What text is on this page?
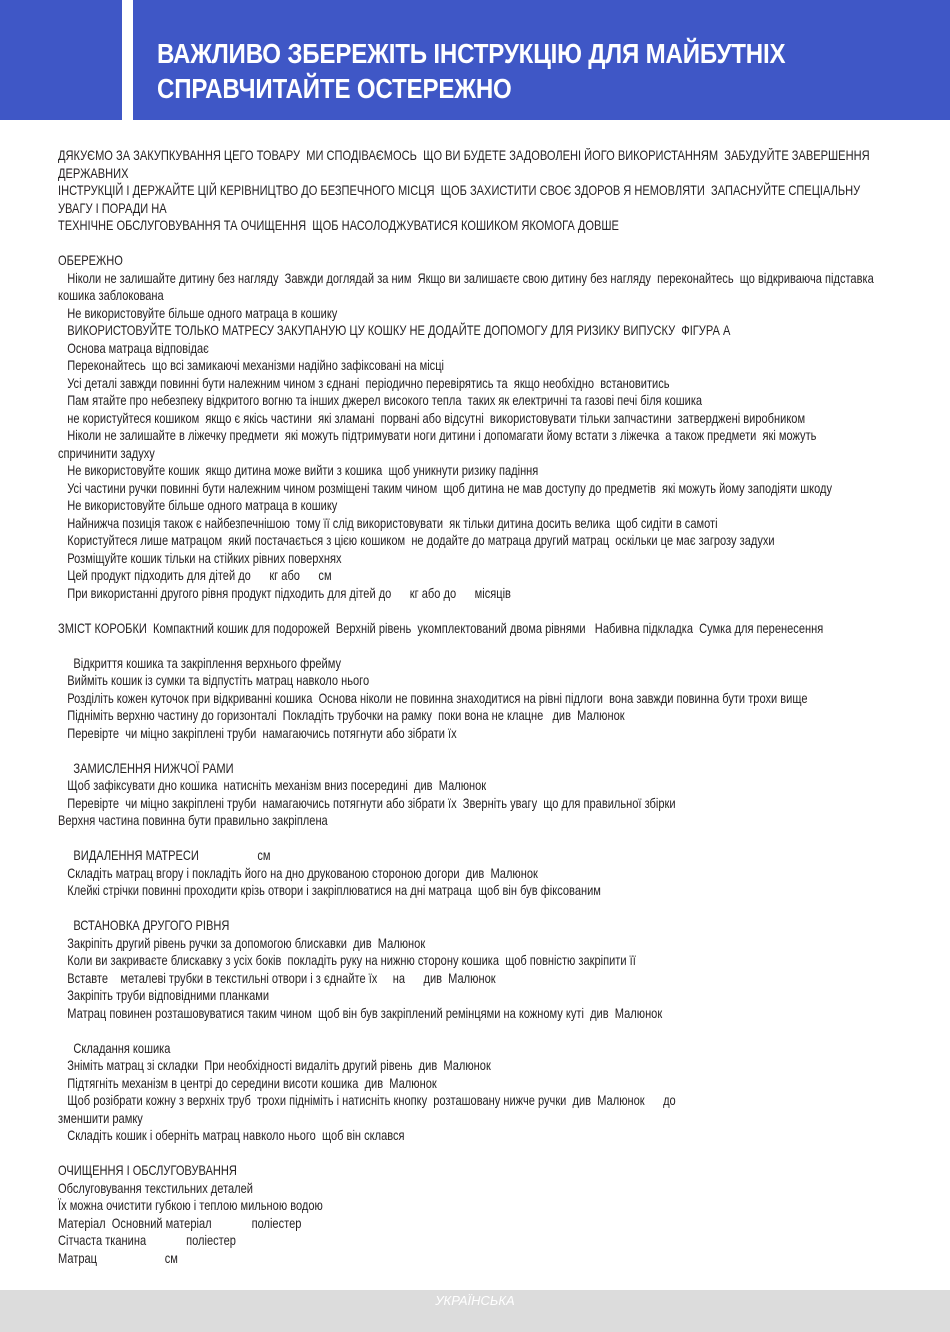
ВАЖЛИВО ЗБЕРЕЖІТЬ ІНСТРУКЦІЮ ДЛЯ МАЙБУТНІХ
СПРАВЧИТАЙТЕ ОСТЕРЕЖНО

ДЯКУЄМО ЗА ЗАКУПКУВАННЯ ЦЕГО ТОВАРУ  МИ СПОДІВАЄМОСЬ  ЩО ВИ БУДЕТЕ ЗАДОВОЛЕНІ ЙОГО ВИКОРИСТАННЯМ  ЗАБУДУЙТЕ ЗАВЕРШЕННЯ ДЕРЖАВНИХ

ІНСТРУКЦІЙ І ДЕРЖАЙТЕ ЦІЙ КЕРІВНИЦТВО ДО БЕЗПЕЧНОГО МІСЦЯ  ЩОБ ЗАХИСТИТИ СВОЄ ЗДОРОВ Я НЕМОВЛЯТИ  ЗАПАСНУЙТЕ СПЕЦІАЛЬНУ УВАГУ І ПОРАДИ НА

ТЕХНІЧНЕ ОБСЛУГОВУВАННЯ ТА ОЧИЩЕННЯ  ЩОБ НАСОЛОДЖУВАТИСЯ КОШИКОМ ЯКОМОГА ДОВШЕ

ОБЕРЕЖНО

Ніколи не залишайте дитину без нагляду  Завжди доглядай за ним  Якщо ви залишаєте свою дитину без нагляду  переконайтесь  що відкриваюча підставка

кошика заблокована

Не використовуйте більше одного матраца в кошику

ВИКОРИСТОВУЙТЕ ТОЛЬКО МАТРЕСУ ЗАКУПАНУЮ ЦУ КОШКУ НЕ ДОДАЙТЕ ДОПОМОГУ ДЛЯ РИЗИКУ ВИПУСКУ  ФІГУРА А

Основа матраца відповідає

Переконайтесь  що всі замикаючі механізми надійно зафіксовані на місці

Усі деталі завжди повинні бути належним чином з єднані  періодично перевірятись та  якщо необхідно  встановитись

Пам ятайте про небезпеку відкритого вогню та інших джерел високого тепла  таких як електричні та газові печі біля кошика

не користуйтеся кошиком  якщо є якісь частини  які зламані  порвані або відсутні  використовувати тільки запчастини  затверджені виробником

Ніколи не залишайте в ліжечку предмети  які можуть підтримувати ноги дитини і допомагати йому встати з ліжечка  а також предмети  які можуть

спричинити задуху

Не використовуйте кошик  якщо дитина може вийти з кошика  щоб уникнути ризику падіння

Усі частини ручки повинні бути належним чином розміщені таким чином  щоб дитина не мав доступу до предметів  які можуть йому заподіяти шкоду

Не використовуйте більше одного матраца в кошику

Найнижча позиція також є найбезпечнішою  тому її слід використовувати  як тільки дитина досить велика  щоб сидіти в самоті

Користуйтеся лише матрацом  який постачається з цією кошиком  не додайте до матраца другий матрац  оскільки це має загрозу задухи

Розміщуйте кошик тільки на стійких рівних поверхнях

Цей продукт підходить для дітей до      кг або      см

При використанні другого рівня продукт підходить для дітей до      кг або до      місяців

ЗМІСТ КОРОБКИ  Компактний кошик для подорожей  Верхній рівень  укомплектований двома рівнями   Набивна підкладка  Сумка для перенесення

Відкриття кошика та закріплення верхнього фрейму

Вийміть кошик із сумки та відпустіть матрац навколо нього

Розділіть кожен куточок при відкриванні кошика  Основа ніколи не повинна знаходитися на рівні підлоги  вона завжди повинна бути трохи вище

Підніміть верхню частину до горизонталі  Покладіть трубочки на рамку  поки вона не клацне   див  Малюнок

Перевірте  чи міцно закріплені труби  намагаючись потягнути або зібрати їх

ЗАМИСЛЕННЯ НИЖЧОЇ РАМИ

Щоб зафіксувати дно кошика  натисніть механізм вниз посередині  див  Малюнок

Перевірте  чи міцно закріплені труби  намагаючись потягнути або зібрати їх  Зверніть увагу  що для правильної збірки

Верхня частина повинна бути правильно закріплена

ВИДАЛЕННЯ МАТРЕСИ                   см

Складіть матрац вгору і покладіть його на дно друкованою стороною догори  див  Малюнок

Клейкі стрічки повинні проходити крізь отвори і закріплюватися на дні матраца  щоб він був фіксованим

ВСТАНОВКА ДРУГОГО РІВНЯ

Закріпіть другий рівень ручки за допомогою блискавки  див  Малюнок

Коли ви закриваєте блискавку з усіх боків  покладіть руку на нижню сторону кошика  щоб повністю закріпити її

Вставте    металеві трубки в текстильні отвори і з єднайте їх     на      див  Малюнок

Закріпіть труби відповідними планками

Матрац повинен розташовуватися таким чином  щоб він був закріплений ремінцями на кожному куті  див  Малюнок

Складання кошика

Зніміть матрац зі складки  При необхідності видаліть другий рівень  див  Малюнок

Підтягніть механізм в центрі до середини висоти кошика  див  Малюнок

Щоб розібрати кожну з верхніх труб  трохи підніміть і натисніть кнопку  розташовану нижче ручки  див  Малюнок      до

зменшити рамку

Складіть кошик і оберніть матрац навколо нього  щоб він склався

ОЧИЩЕННЯ І ОБСЛУГОВУВАННЯ

Обслуговування текстильних деталей

Їх можна очистити губкою і теплою мильною водою

Матеріал  Основний матеріал             поліестер

Сітчаста тканина             поліестер

Матрац                      см

УКРАЇНСЬКА
